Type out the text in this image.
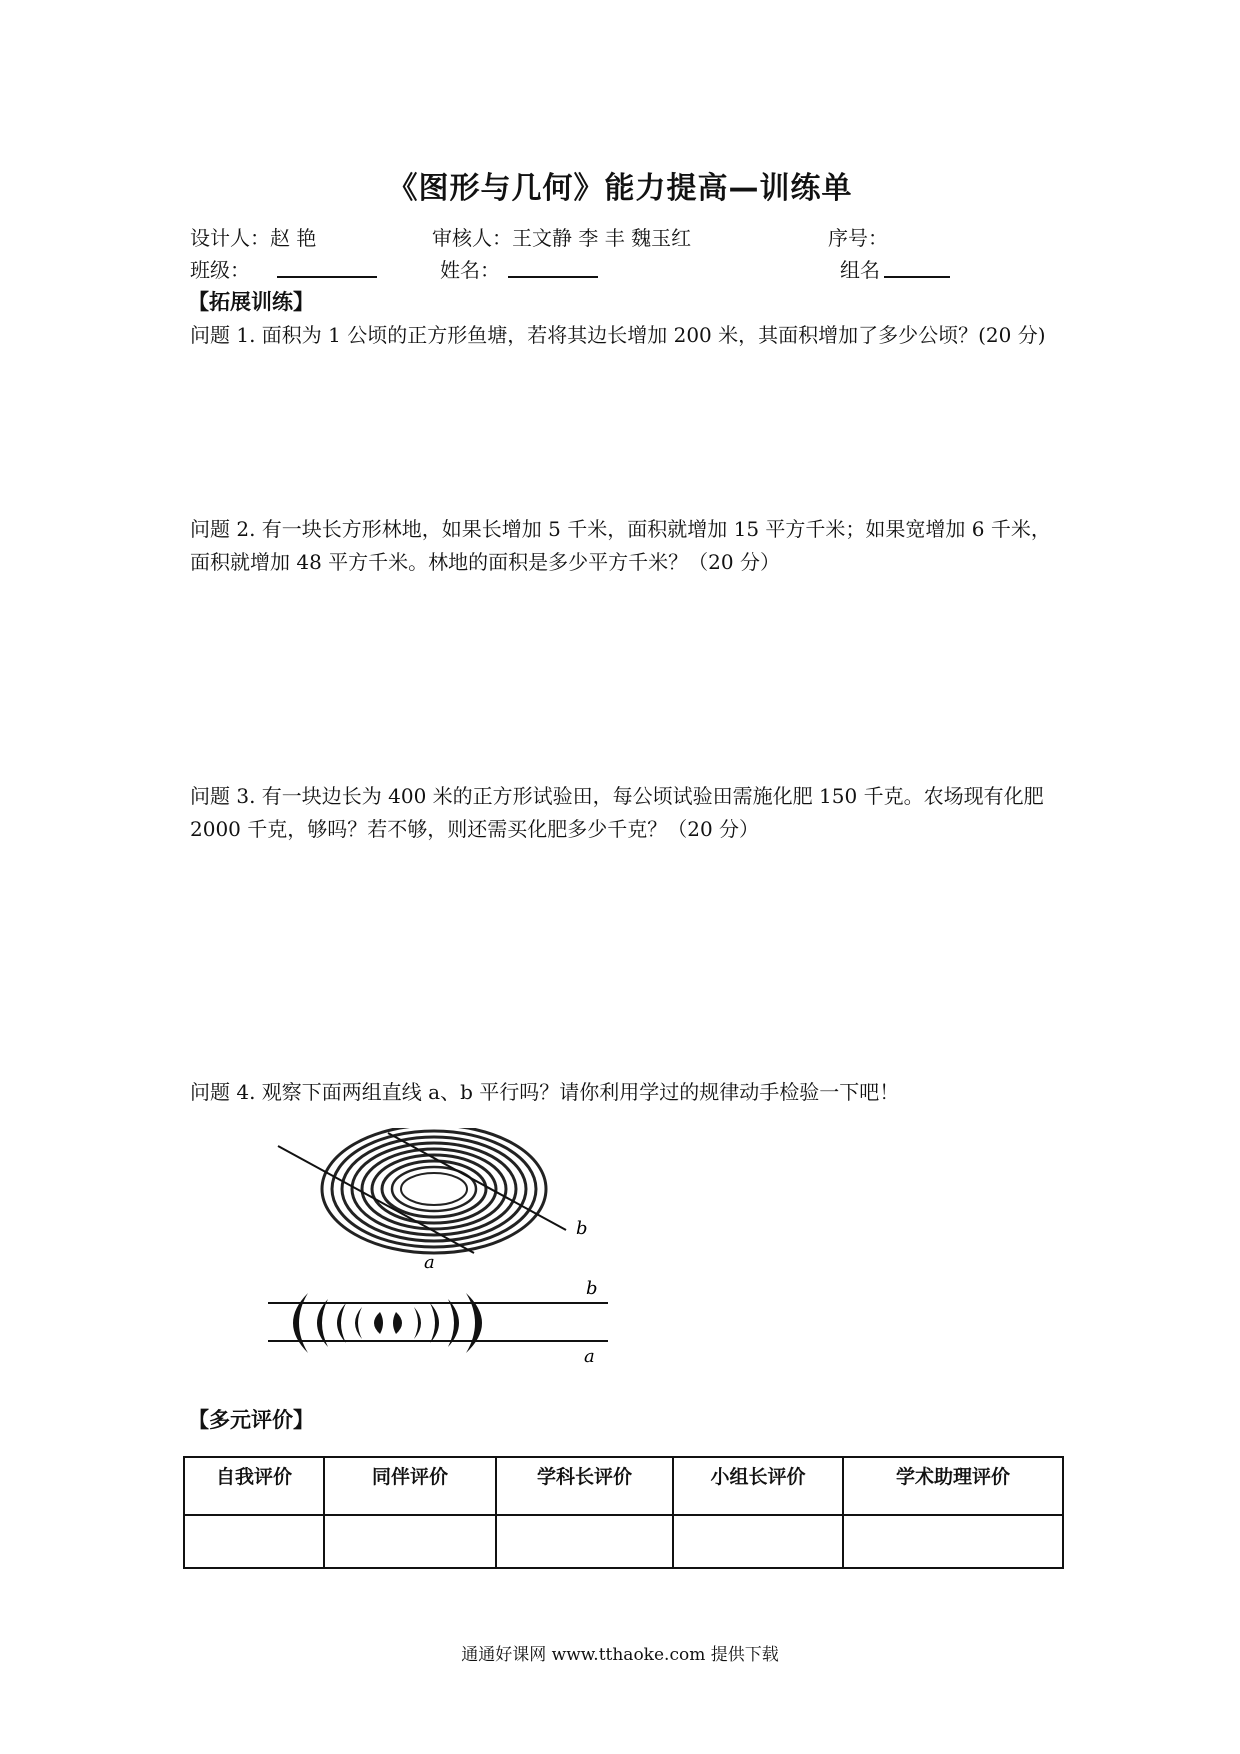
《图形与几何》能力提高—训练单
设计人：赵 艳	审核人：王文静 李 丰 魏玉红	序号：
班级：	姓名：	组名
【拓展训练】
问题 1. 面积为 1 公顷的正方形鱼塘，若将其边长增加 200 米，其面积增加了多少公顷？(20 分)
问题 2. 有一块长方形林地，如果长增加 5 千米，面积就增加 15 平方千米；如果宽增加 6 千米，面积就增加 48 平方千米。林地的面积是多少平方千米？（20 分）
问题 3. 有一块边长为 400 米的正方形试验田，每公顷试验田需施化肥 150 千克。农场现有化肥 2000 千克，够吗？若不够，则还需买化肥多少千克？（20 分）
问题 4. 观察下面两组直线 a、b 平行吗？请你利用学过的规律动手检验一下吧！
a
b
b
a
【多元评价】
自我评价	同伴评价	学科长评价	小组长评价	学术助理评价

通通好课网 www.tthaoke.com 提供下载
